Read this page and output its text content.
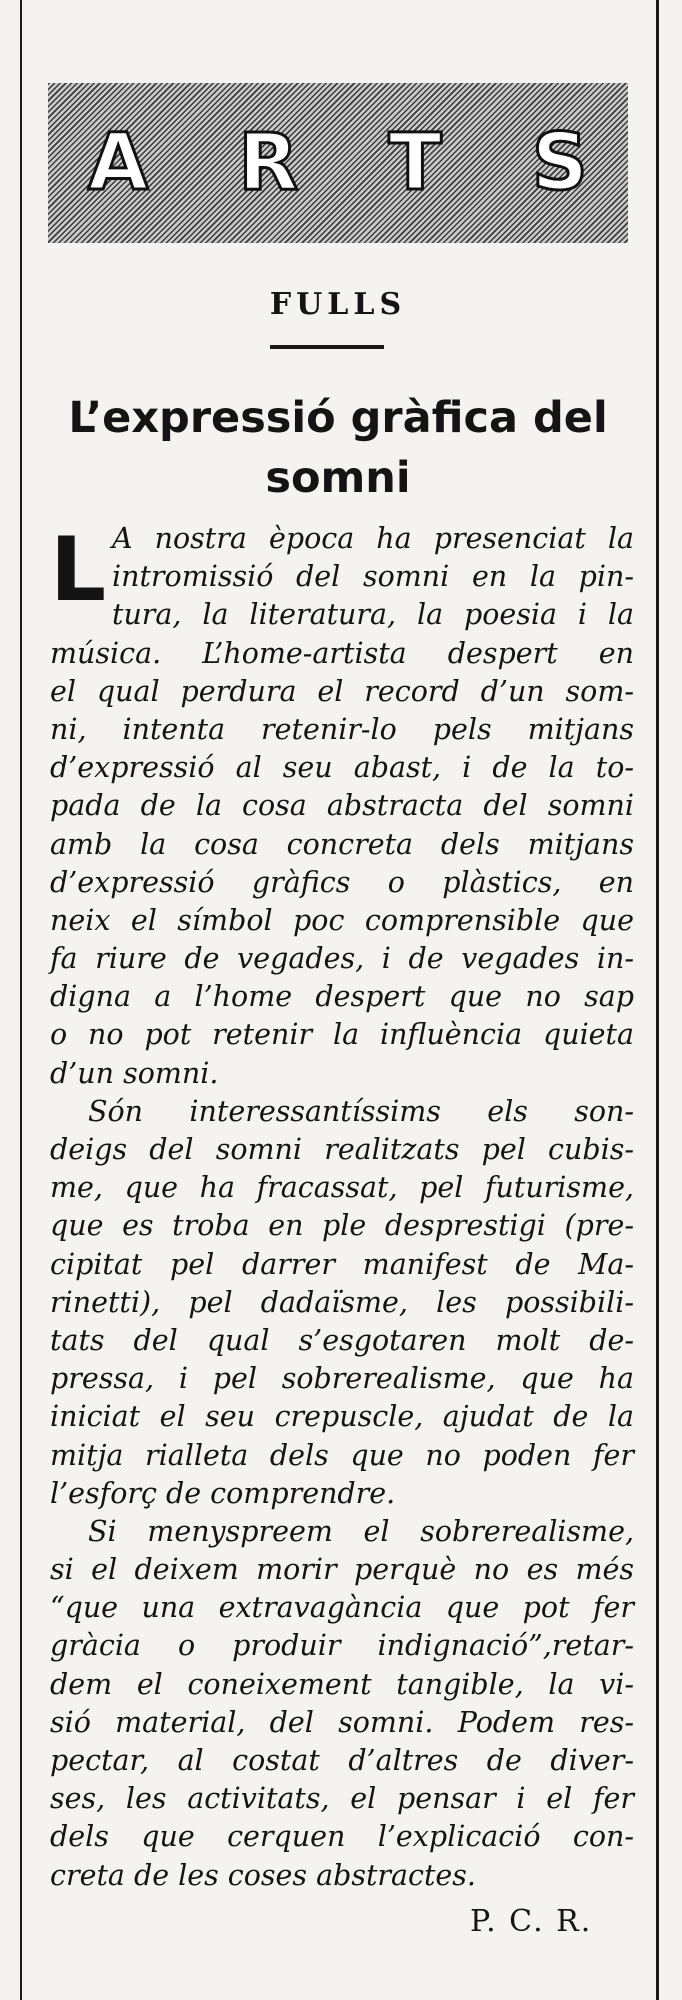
A R T S
FULLS
L’expressió gràfica del
somni
L A nostra època ha presenciat la
intromissió del somni en la pin-
tura, la literatura, la poesia i la
música. L’home-artista despert en
el qual perdura el record d’un som-
ni, intenta retenir-lo pels mitjans
d’expressió al seu abast, i de la to-
pada de la cosa abstracta del somni
amb la cosa concreta dels mitjans
d’expressió gràfics o plàstics, en
neix el símbol poc comprensible que
fa riure de vegades, i de vegades in-
digna a l’home despert que no sap
o no pot retenir la influència quieta
d’un somni.
Són interessantíssims els son-
deigs del somni realitzats pel cubis-
me, que ha fracassat, pel futurisme,
que es troba en ple desprestigi (pre-
cipitat pel darrer manifest de Ma-
rinetti), pel dadaïsme, les possibili-
tats del qual s’esgotaren molt de-
pressa, i pel sobrerealisme, que ha
iniciat el seu crepuscle, ajudat de la
mitja rialleta dels que no poden fer
l’esforç de comprendre.
Si menyspreem el sobrerealisme,
si el deixem morir perquè no es més
“que una extravagància que pot fer
gràcia o produir indignació”,retar-
dem el coneixement tangible, la vi-
sió material, del somni. Podem res-
pectar, al costat d’altres de diver-
ses, les activitats, el pensar i el fer
dels que cerquen l’explicació con-
creta de les coses abstractes.
P. C. R.
